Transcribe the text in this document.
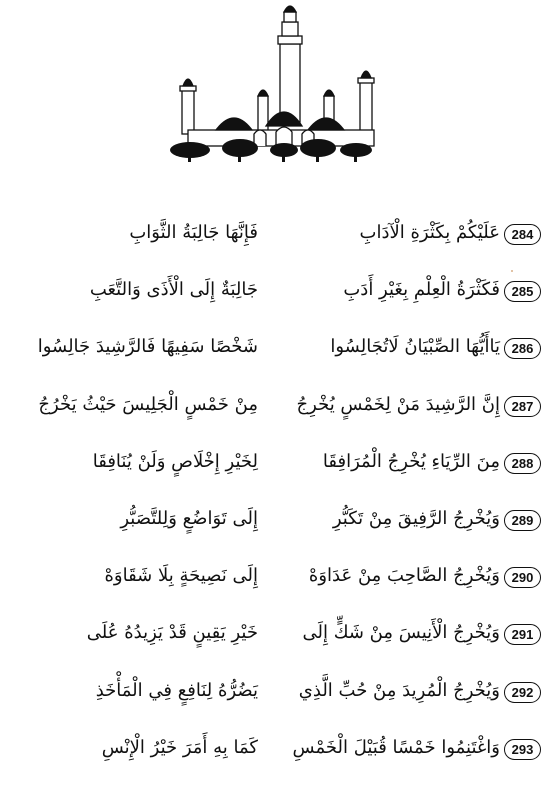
284
عَلَيْكُمْ بِكَثْرَةِ الْآدَابِ
فَإِنَّهَا جَالِبَةُ الثَّوَابِ
285
فَكَثْرَةُ الْعِلْمِ بِغَيْرِ أَدَبِ
جَالِبَةٌ إِلَى الْأَذَى وَالتَّعَبِ
286
يَاأَيُّهَا الصِّبْيَانُ لَاتُجَالِسُوا
شَخْصًا سَفِيهًا فَالرَّشِيدَ جَالِسُوا
287
إِنَّ الرَّشِيدَ مَنْ لِخَمْسٍ يُخْرِجُ
مِنْ خَمْسٍ الْجَلِيسَ حَيْثُ يَخْرُجُ
288
مِنَ الرِّيَاءِ يُخْرِجُ الْمُرَافِقَا
لِخَيْرِ إِخْلَاصٍ وَلَنْ يُنَافِقَا
289
وَيُخْرِجُ الرَّفِيقَ مِنْ تَكَبُّرِ
إِلَى تَوَاضُعٍ وَلِلتَّصَبُّرِ
290
وَيُخْرِجُ الصَّاحِبَ مِنْ عَدَاوَهْ
إِلَى نَصِيحَةٍ بِلَا شَقَاوَهْ
291
وَيُخْرِجُ الْأَنِيسَ مِنْ شَكٍّ إِلَى
خَيْرِ يَقِينٍ قَدْ يَزِيدُهُ عُلَى
292
وَيُخْرِجُ الْمُرِيدَ مِنْ حُبِّ الَّذِي
يَضُرُّهُ لِنَافِعٍ فِي الْمَأْخَذِ
293
وَاغْتَنِمُوا خَمْسًا قُبَيْلَ الْخَمْسِ
كَمَا بِهِ أَمَرَ خَيْرُ الْإِنْسِ
